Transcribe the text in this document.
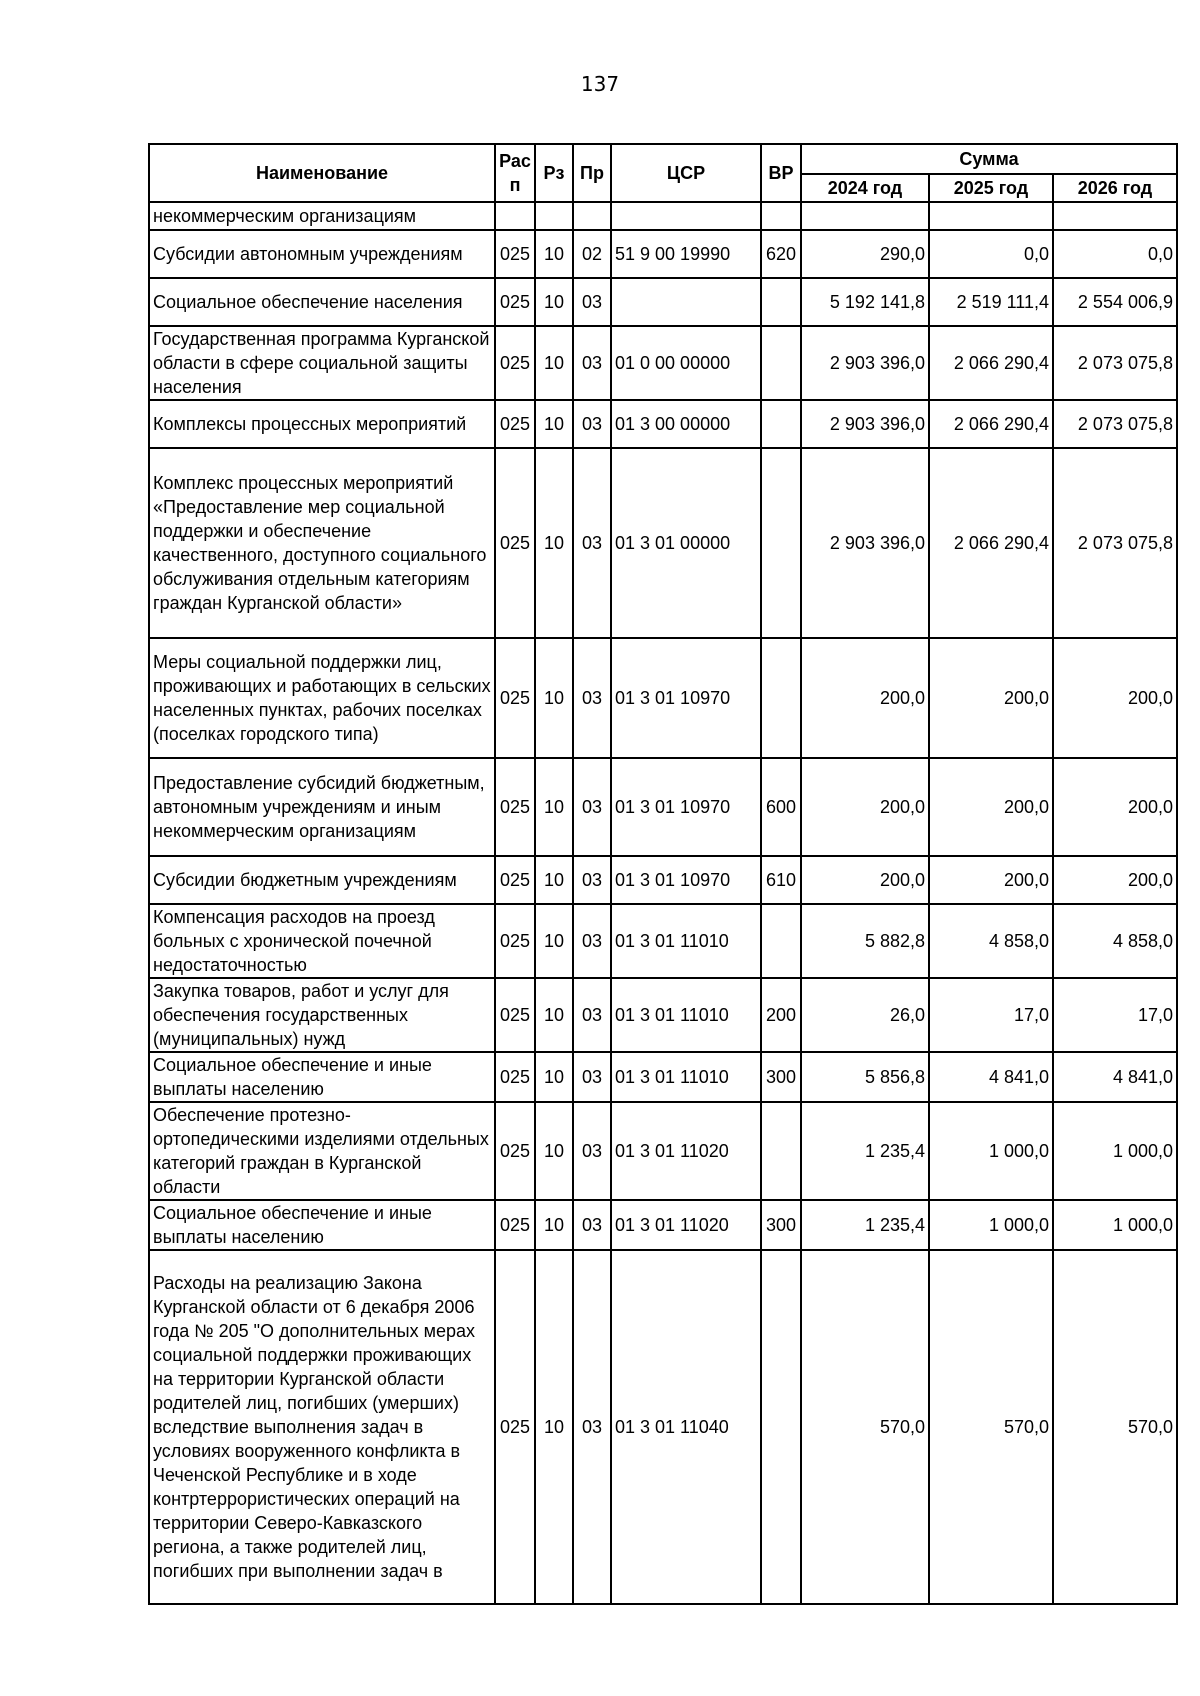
137
Наименование	Рас п	Рз	Пр	ЦСР	ВР	Сумма		
						2024 год	2025 год	2026 год
некоммерческим организациям								
Субсидии автономным учреждениям	025	10	02	51 9 00 19990	620	290,0	0,0	0,0
Социальное обеспечение населения	025	10	03			5 192 141,8	2 519 111,4	2 554 006,9
Государственная программа Курганской области в сфере социальной защиты населения	025	10	03	01 0 00 00000		2 903 396,0	2 066 290,4	2 073 075,8
Комплексы процессных мероприятий	025	10	03	01 3 00 00000		2 903 396,0	2 066 290,4	2 073 075,8
Комплекс процессных мероприятий «Предоставление мер социальной поддержки и обеспечение качественного, доступного социального обслуживания отдельным категориям граждан Курганской области»	025	10	03	01 3 01 00000		2 903 396,0	2 066 290,4	2 073 075,8
Меры социальной поддержки лиц, проживающих и работающих в сельских населенных пунктах, рабочих поселках (поселках городского типа)	025	10	03	01 3 01 10970		200,0	200,0	200,0
Предоставление субсидий бюджетным, автономным учреждениям и иным некоммерческим организациям	025	10	03	01 3 01 10970	600	200,0	200,0	200,0
Субсидии бюджетным учреждениям	025	10	03	01 3 01 10970	610	200,0	200,0	200,0
Компенсация расходов на проезд больных с хронической почечной недостаточностью	025	10	03	01 3 01 11010		5 882,8	4 858,0	4 858,0
Закупка товаров, работ и услуг для обеспечения государственных (муниципальных) нужд	025	10	03	01 3 01 11010	200	26,0	17,0	17,0
Социальное обеспечение и иные выплаты населению	025	10	03	01 3 01 11010	300	5 856,8	4 841,0	4 841,0
Обеспечение протезно-ортопедическими изделиями отдельных категорий граждан в Курганской области	025	10	03	01 3 01 11020		1 235,4	1 000,0	1 000,0
Социальное обеспечение и иные выплаты населению	025	10	03	01 3 01 11020	300	1 235,4	1 000,0	1 000,0
Расходы на реализацию Закона Курганской области от 6 декабря 2006 года № 205 "О дополнительных мерах социальной поддержки проживающих на территории Курганской области родителей лиц, погибших (умерших) вследствие выполнения задач в условиях вооруженного конфликта в Чеченской Республике и в ходе контртеррористических операций на территории Северо-Кавказского региона, а также родителей лиц, погибших при выполнении задач в	025	10	03	01 3 01 11040		570,0	570,0	570,0
